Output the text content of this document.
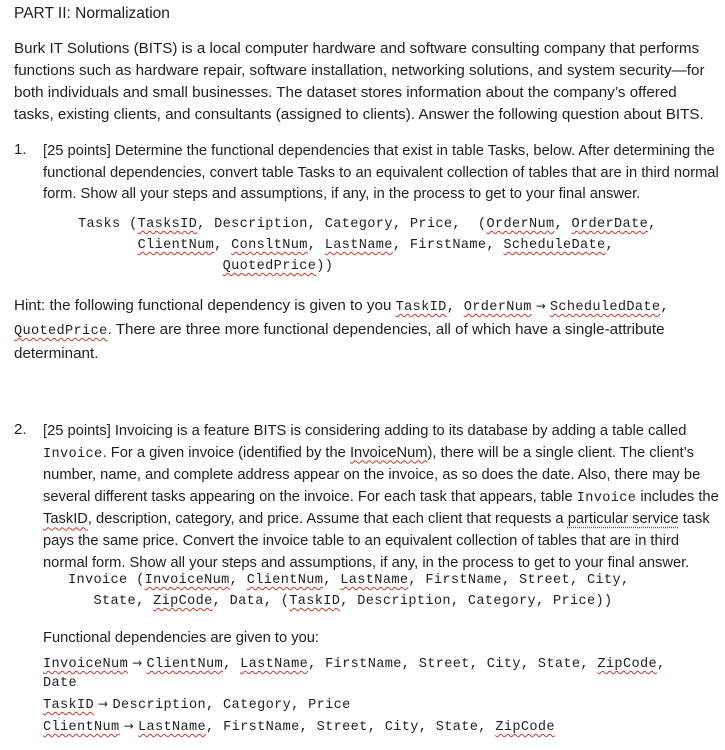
PART II: Normalization
Burk IT Solutions (BITS) is a local computer hardware and software consulting company that performs functions such as hardware repair, software installation, networking solutions, and system security—for both individuals and small businesses. The dataset stores information about the company’s offered tasks, existing clients, and consultants (assigned to clients). Answer the following question about BITS.
1. [25 points] Determine the functional dependencies that exist in table Tasks, below. After determining the functional dependencies, convert table Tasks to an equivalent collection of tables that are in third normal form. Show all your steps and assumptions, if any, in the process to get to your final answer.
Tasks (TasksID, Description, Category, Price,  (OrderNum, OrderDate,
ClientNum, ConsltNum, LastName, FirstName, ScheduleDate,
QuotedPrice))
Hint: the following functional dependency is given to you TaskID, OrderNum → ScheduledDate, QuotedPrice. There are three more functional dependencies, all of which have a single-attribute determinant.
2. [25 points] Invoicing is a feature BITS is considering adding to its database by adding a table called Invoice. For a given invoice (identified by the InvoiceNum), there will be a single client. The client’s number, name, and complete address appear on the invoice, as so does the date. Also, there may be several different tasks appearing on the invoice. For each task that appears, table Invoice includes the TaskID, description, category, and price. Assume that each client that requests a particular service task pays the same price. Convert the invoice table to an equivalent collection of tables that are in third normal form. Show all your steps and assumptions, if any, in the process to get to your final answer.
Invoice (InvoiceNum, ClientNum, LastName, FirstName, Street, City,
State, ZipCode, Data, (TaskID, Description, Category, Price))
Functional dependencies are given to you:
InvoiceNum → ClientNum, LastName, FirstName, Street, City, State, ZipCode,
Date
TaskID → Description, Category, Price
ClientNum → LastName, FirstName, Street, City, State, ZipCode
